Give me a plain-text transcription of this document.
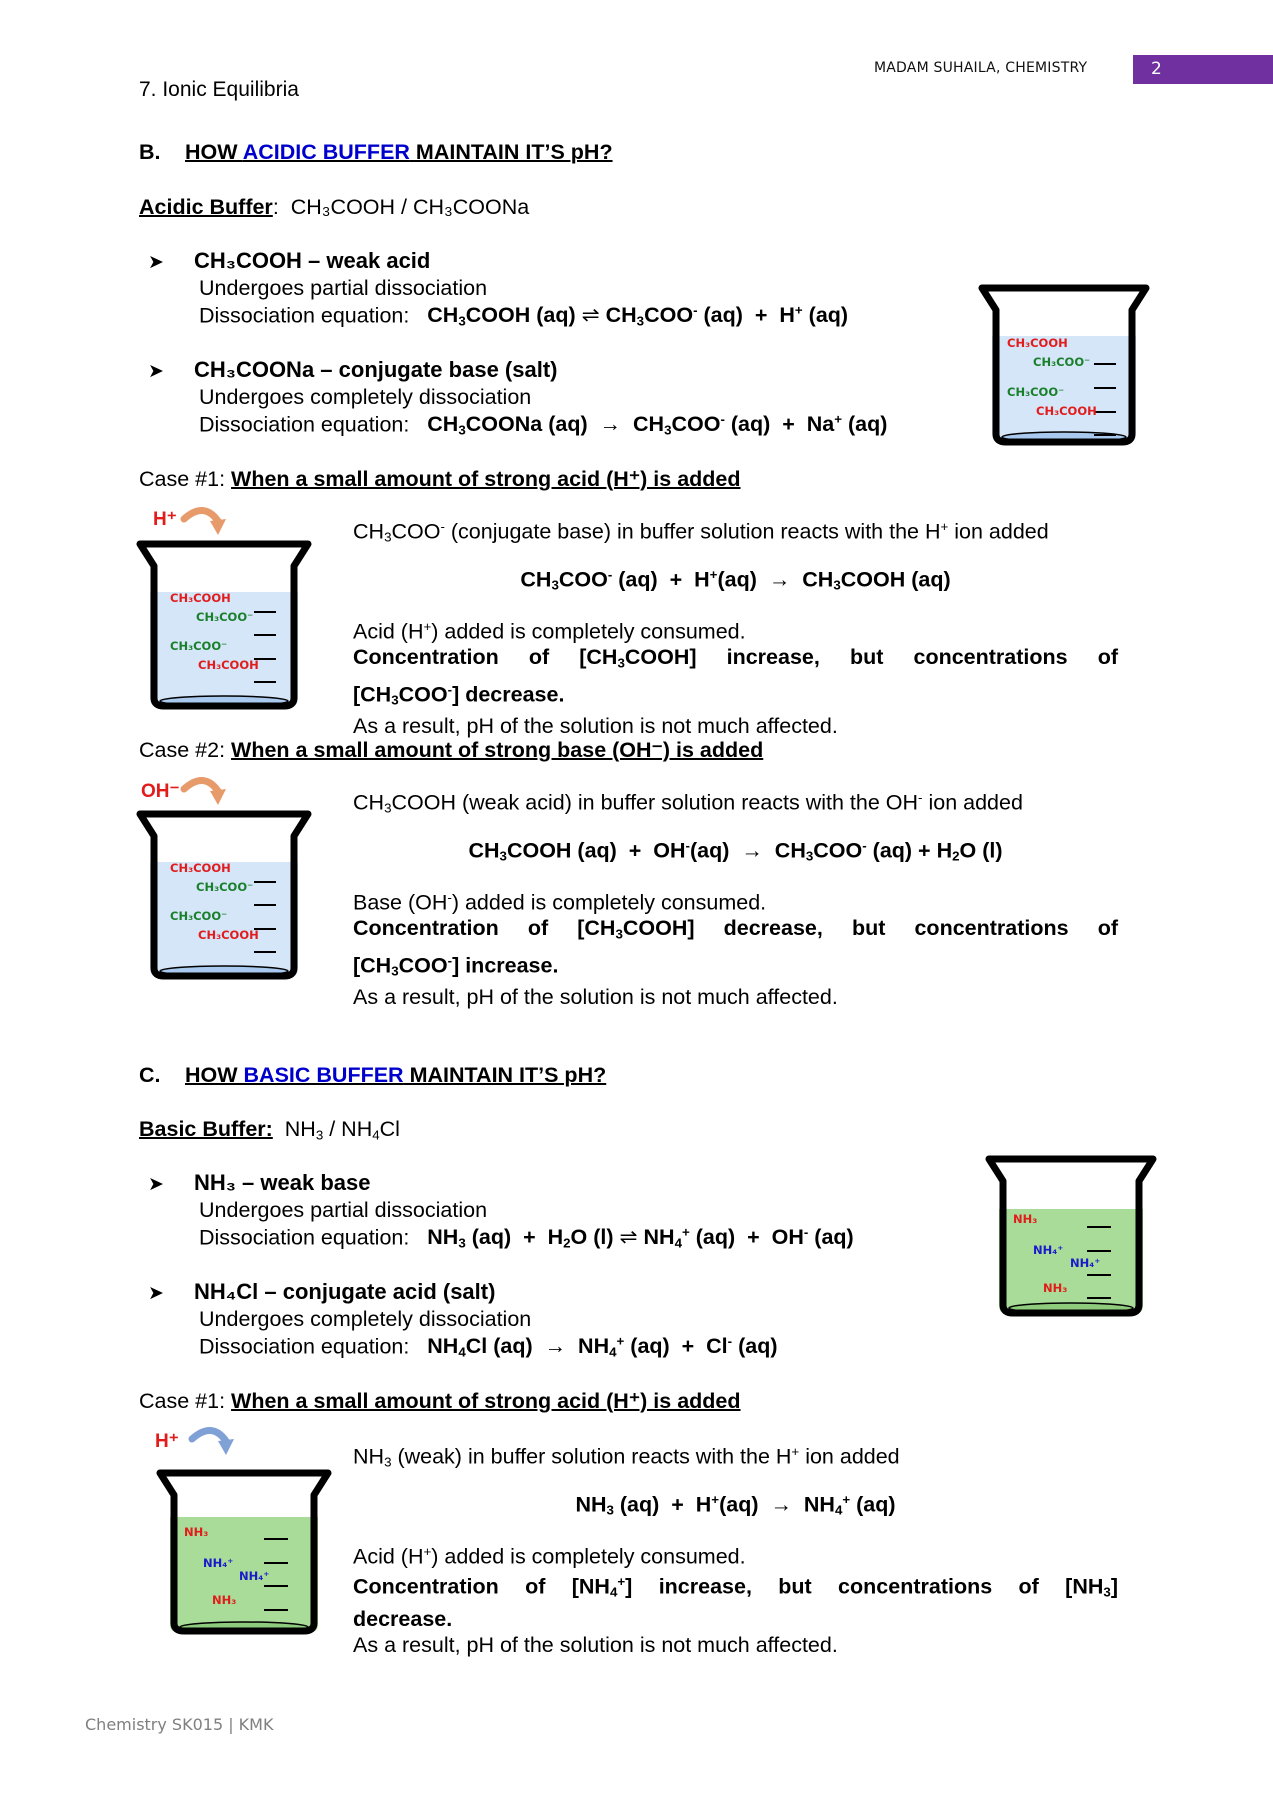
MADAM SUHAILA, CHEMISTRY	2
7. Ionic Equilibria
B. HOW ACIDIC BUFFER MAINTAIN IT’S pH?
Acidic Buffer:  CH₃COOH / CH₃COONa
➤ CH₃COOH – weak acid
Undergoes partial dissociation
Dissociation equation: $CH_3COOH$ (aq) ⇌ $CH_3COO^-$ (aq)  +  H+ (aq)
➤ CH₃COONa – conjugate base (salt)
Undergoes completely dissociation
Dissociation equation: $CH_3COONa$ $(aq) \to CH_3COO^-$ (aq)  +  Na+ (aq)
CH₃COOH
CH₃COO⁻
CH₃COO⁻
CH₃COOH
Case #1: When a small amount of strong acid (H⁺) is added
H⁺
CH₃COOH
CH₃COO⁻
CH₃COO⁻
CH₃COOH
$CH_3COO^-$ (conjugate base) in buffer solution reacts with the H+ ion added
$CH_3COO^-$ $(aq) + H^+(aq) \to CH_3COOH$ (aq)
Acid (H+) added is completely consumed.
Concentration of $[CH_3COOH]$ increase, but concentrations of
$[CH_3COO^-]$ decrease.
As a result, pH of the solution is not much affected.
Case #2: When a small amount of strong base (OH⁻) is added
OH⁻
CH₃COOH
CH₃COO⁻
CH₃COO⁻
CH₃COOH
$CH_3COOH$ (weak acid) in buffer solution reacts with the OH- ion added
$CH_3COOH$ $(aq) + OH^-(aq) \to CH_3COO^-$ $(aq) + H_2O$ (l)
Base (OH-) added is completely consumed.
Concentration of $[CH_3COOH]$ decrease, but concentrations of
$[CH_3COO^-]$ increase.
As a result, pH of the solution is not much affected.
C. HOW BASIC BUFFER MAINTAIN IT’S pH?
Basic Buffer: $NH_3 / NH_4Cl$
➤ NH₃ – weak base
Undergoes partial dissociation
Dissociation equation: $NH_3$ $(aq) + H_2O$ (l) ⇌ $NH_4^+$ (aq)  +  OH- (aq)
➤ NH₄Cl – conjugate acid (salt)
Undergoes completely dissociation
Dissociation equation: $NH_4Cl$ $(aq) \to NH_4^+$ (aq)  +  Cl- (aq)
NH₃
NH₄⁺
NH₄⁺
NH₃
Case #1: When a small amount of strong acid (H⁺) is added
H⁺
NH₃
NH₄⁺
NH₄⁺
NH₃
$NH_3$ (weak) in buffer solution reacts with the H+ ion added
$NH_3$ $(aq) + H^+(aq) \to NH_4^+$ (aq)
Acid (H+) added is completely consumed.
Concentration of $[NH_4^+]$ increase, but concentrations of $[NH_3]$
decrease.
As a result, pH of the solution is not much affected.
Chemistry SK015 | KMK
